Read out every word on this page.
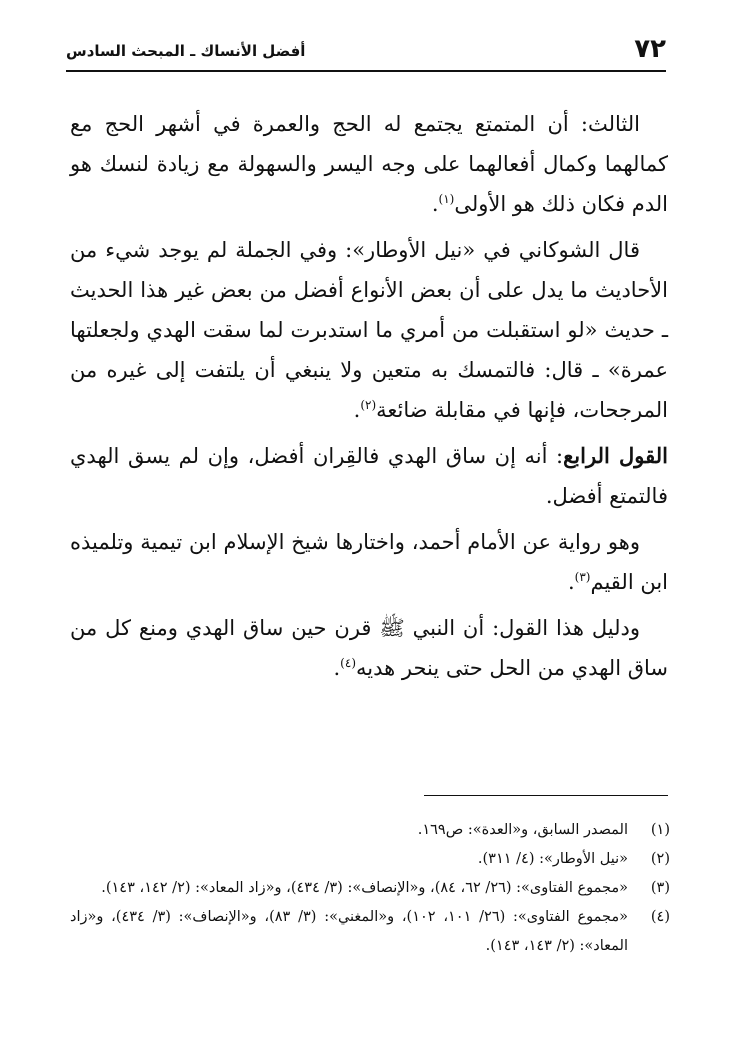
٧٢
أفضل الأنساك ـ المبحث السادس

الثالث: أن المتمتع يجتمع له الحج والعمرة في أشهر الحج مع كمالهما وكمال أفعالهما على وجه اليسر والسهولة مع زيادة لنسك هو الدم فكان ذلك هو الأولى$^{(١)}$.

قال الشوكاني في «نيل الأوطار»: وفي الجملة لم يوجد شيء من الأحاديث ما يدل على أن بعض الأنواع أفضل من بعض غير هذا الحديث ـ حديث «لو استقبلت من أمري ما استدبرت لما سقت الهدي ولجعلتها عمرة» ـ قال: فالتمسك به متعين ولا ينبغي أن يلتفت إلى غيره من المرجحات، فإنها في مقابلة ضائعة$^{(٢)}$.

القول الرابع: أنه إن ساق الهدي فالقِران أفضل، وإن لم يسق الهدي فالتمتع أفضل.

وهو رواية عن الأمام أحمد، واختارها شيخ الإسلام ابن تيمية وتلميذه ابن القيم$^{(٣)}$.

ودليل هذا القول: أن النبي ﷺ قرن حين ساق الهدي ومنع كل من ساق الهدي من الحل حتى ينحر هديه$^{(٤)}$.

(١)
المصدر السابق، و«العدة»: ص١٦٩.

(٢)
«نيل الأوطار»: (٤/ ٣١١).

(٣)
«مجموع الفتاوى»: (٢٦/ ٦٢، ٨٤)، و«الإنصاف»: (٣/ ٤٣٤)، و«زاد المعاد»: (٢/ ١٤٢، ١٤٣).

(٤)
«مجموع الفتاوى»: (٢٦/ ١٠١، ١٠٢)، و«المغني»: (٣/ ٨٣)، و«الإنصاف»: (٣/ ٤٣٤)، و«زاد المعاد»: (٢/ ١٤٣، ١٤٣).
